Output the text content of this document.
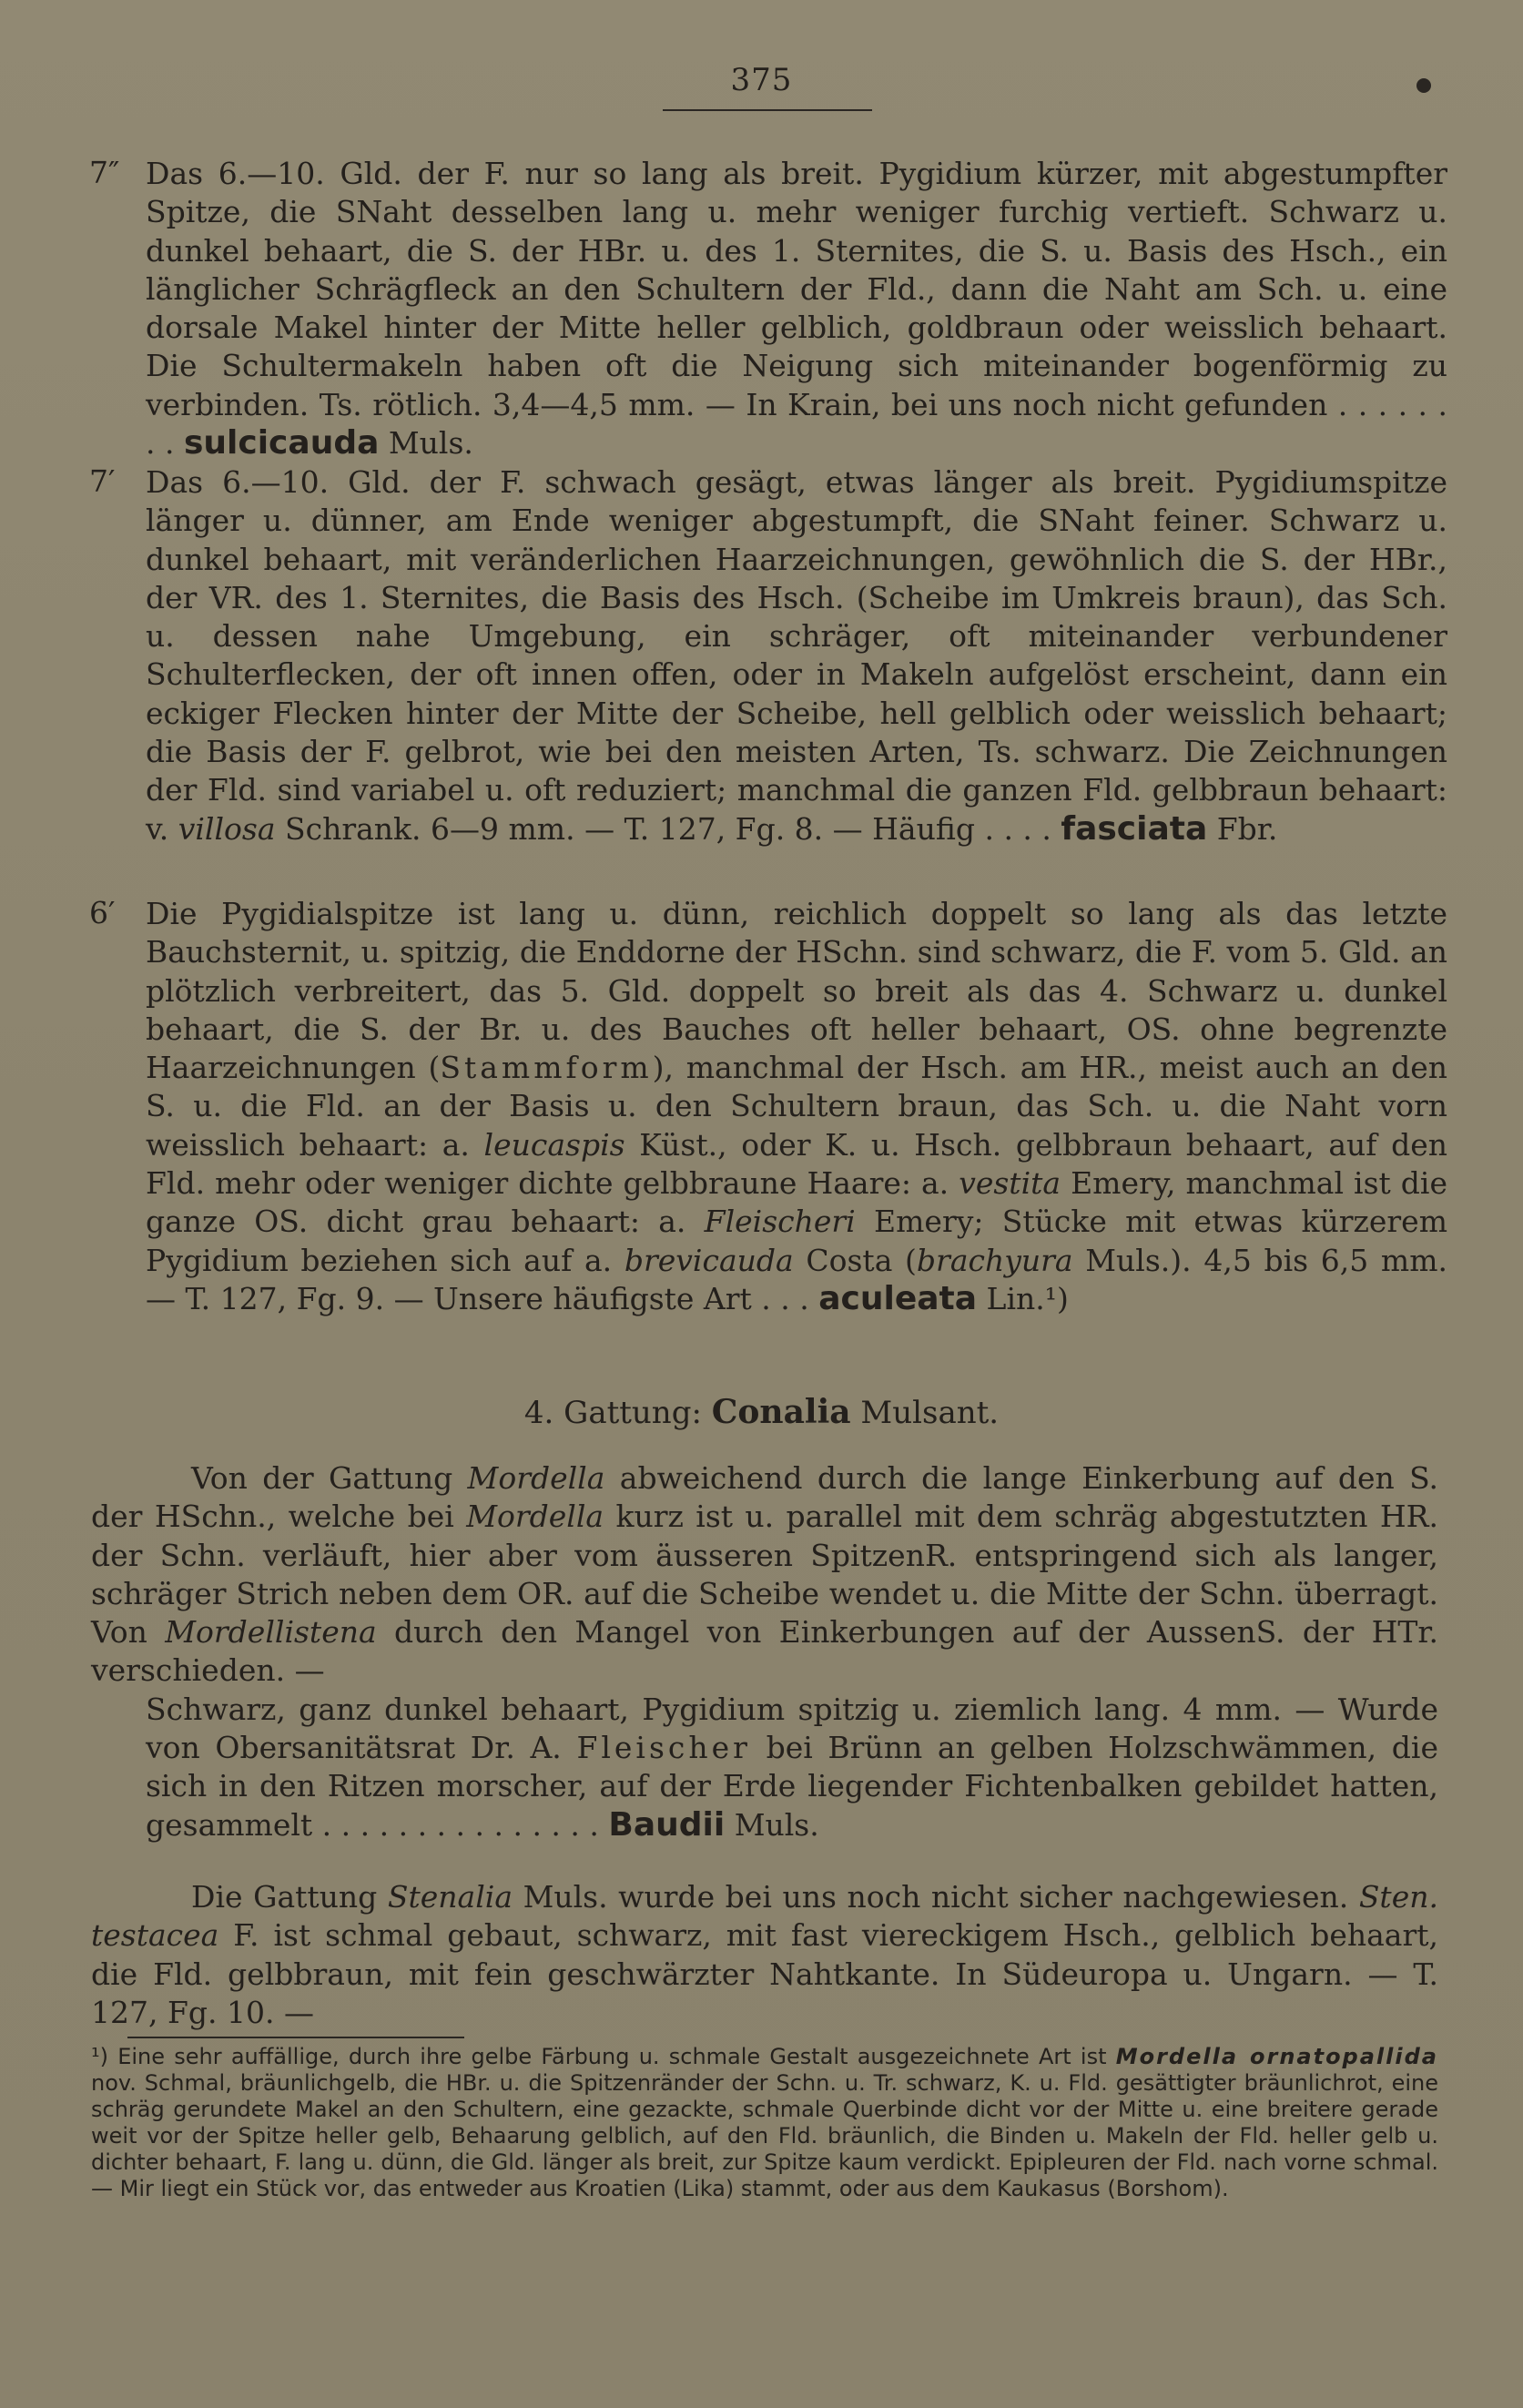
375
7″ Das 6.—10. Gld. der F. nur so lang als breit. Pygidium kürzer, mit abgestumpfter Spitze, die SNaht desselben lang u. mehr weniger furchig vertieft. Schwarz u. dunkel behaart, die S. der HBr. u. des 1. Sternites, die S. u. Basis des Hsch., ein länglicher Schrägfleck an den Schultern der Fld., dann die Naht am Sch. u. eine dorsale Makel hinter der Mitte heller gelblich, goldbraun oder weisslich behaart. Die Schultermakeln haben oft die Neigung sich miteinander bogenförmig zu verbinden. Ts. rötlich. 3,4—4,5 mm. — In Krain, bei uns noch nicht gefunden . . . . . . . . sulcicauda Muls.

7′ Das 6.—10. Gld. der F. schwach gesägt, etwas länger als breit. Pygidiumspitze länger u. dünner, am Ende weniger abgestumpft, die SNaht feiner. Schwarz u. dunkel behaart, mit veränderlichen Haarzeichnungen, gewöhnlich die S. der HBr., der VR. des 1. Sternites, die Basis des Hsch. (Scheibe im Umkreis braun), das Sch. u. dessen nahe Umgebung, ein schräger, oft miteinander verbundener Schulterflecken, der oft innen offen, oder in Makeln aufgelöst erscheint, dann ein eckiger Flecken hinter der Mitte der Scheibe, hell gelblich oder weisslich behaart; die Basis der F. gelbrot, wie bei den meisten Arten, Ts. schwarz. Die Zeichnungen der Fld. sind variabel u. oft reduziert; manchmal die ganzen Fld. gelbbraun behaart: v. villosa Schrank. 6—9 mm. — T. 127, Fg. 8. — Häufig . . . . fasciata Fbr.

6′ Die Pygidialspitze ist lang u. dünn, reichlich doppelt so lang als das letzte Bauchsternit, u. spitzig, die Enddorne der HSchn. sind schwarz, die F. vom 5. Gld. an plötzlich verbreitert, das 5. Gld. doppelt so breit als das 4. Schwarz u. dunkel behaart, die S. der Br. u. des Bauches oft heller behaart, OS. ohne begrenzte Haarzeichnungen (Stammform), manchmal der Hsch. am HR., meist auch an den S. u. die Fld. an der Basis u. den Schultern braun, das Sch. u. die Naht vorn weisslich behaart: a. leucaspis Küst., oder K. u. Hsch. gelbbraun behaart, auf den Fld. mehr oder weniger dichte gelbbraune Haare: a. vestita Emery, manchmal ist die ganze OS. dicht grau behaart: a. Fleischeri Emery; Stücke mit etwas kürzerem Pygidium beziehen sich auf a. brevicauda Costa (brachyura Muls.). 4,5 bis 6,5 mm. — T. 127, Fg. 9. — Unsere häufigste Art . . . aculeata Lin.¹)

4. Gattung: Conalia Mulsant.

Von der Gattung Mordella abweichend durch die lange Einkerbung auf den S. der HSchn., welche bei Mordella kurz ist u. parallel mit dem schräg abgestutzten HR. der Schn. verläuft, hier aber vom äusseren SpitzenR. entspringend sich als langer, schräger Strich neben dem OR. auf die Scheibe wendet u. die Mitte der Schn. überragt. Von Mordellistena durch den Mangel von Einkerbungen auf der AussenS. der HTr. verschieden. —

Schwarz, ganz dunkel behaart, Pygidium spitzig u. ziemlich lang. 4 mm. — Wurde von Obersanitätsrat Dr. A. Fleischer bei Brünn an gelben Holzschwämmen, die sich in den Ritzen morscher, auf der Erde liegender Fichtenbalken gebildet hatten, gesammelt . . . . . . . . . . . . . . . Baudii Muls.

Die Gattung Stenalia Muls. wurde bei uns noch nicht sicher nachgewiesen. Sten. testacea F. ist schmal gebaut, schwarz, mit fast viereckigem Hsch., gelblich behaart, die Fld. gelbbraun, mit fein geschwärzter Nahtkante. In Südeuropa u. Ungarn. — T. 127, Fg. 10. —

¹) Eine sehr auffällige, durch ihre gelbe Färbung u. schmale Gestalt ausgezeichnete Art ist Mordella ornatopallida nov. Schmal, bräunlichgelb, die HBr. u. die Spitzenränder der Schn. u. Tr. schwarz, K. u. Fld. gesättigter bräunlichrot, eine schräg gerundete Makel an den Schultern, eine gezackte, schmale Querbinde dicht vor der Mitte u. eine breitere gerade weit vor der Spitze heller gelb, Behaarung gelblich, auf den Fld. bräunlich, die Binden u. Makeln der Fld. heller gelb u. dichter behaart, F. lang u. dünn, die Gld. länger als breit, zur Spitze kaum verdickt. Epipleuren der Fld. nach vorne schmal. — Mir liegt ein Stück vor, das entweder aus Kroatien (Lika) stammt, oder aus dem Kaukasus (Borshom).
